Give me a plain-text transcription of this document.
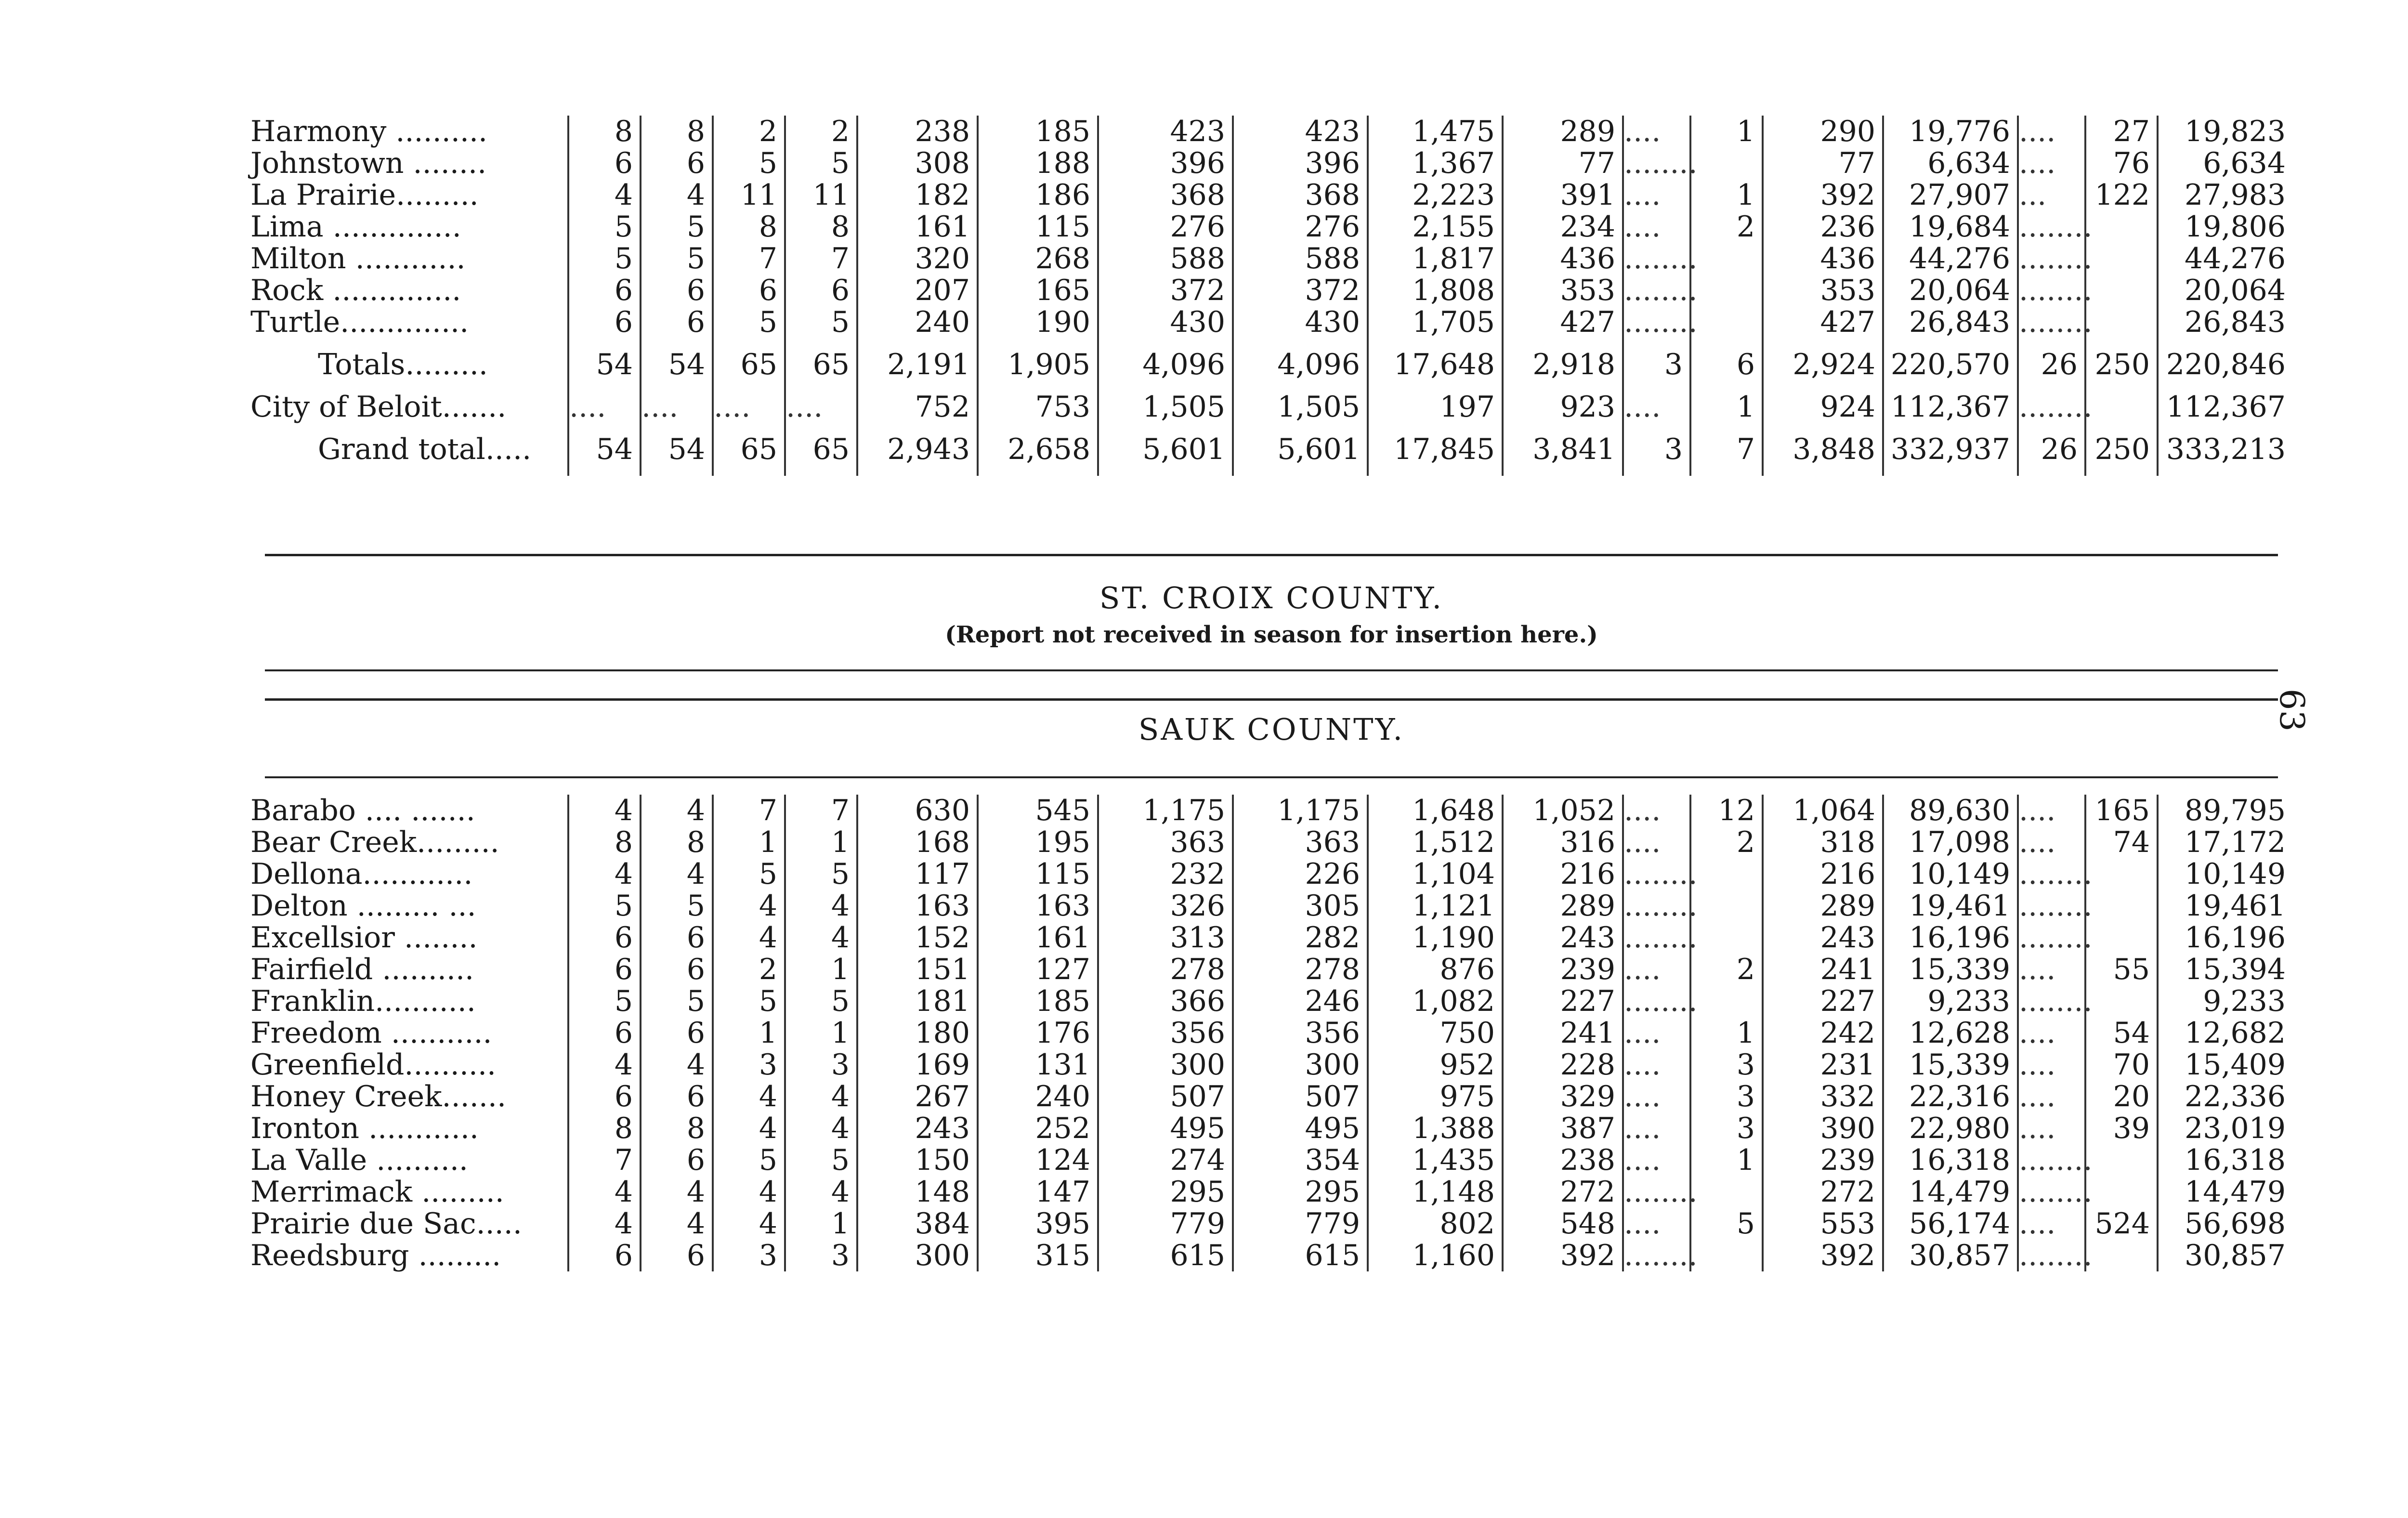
Harmony ..........	8	8	2	2	238	185	423	423	1,475	289	....	1	290	19,776	....	27	19,823
Johnstown ........	6	6	5	5	308	188	396	396	1,367	77	........		77	6,634	....	76	6,634
La Prairie.........	4	4	11	11	182	186	368	368	2,223	391	....	1	392	27,907	...	122	27,983
Lima ..............	5	5	8	8	161	115	276	276	2,155	234	....	2	236	19,684	........		19,806
Milton ............	5	5	7	7	320	268	588	588	1,817	436	........		436	44,276	........		44,276
Rock ..............	6	6	6	6	207	165	372	372	1,808	353	........		353	20,064	........		20,064
Turtle..............	6	6	5	5	240	190	430	430	1,705	427	........		427	26,843	........		26,843
Totals.........	54	54	65	65	2,191	1,905	4,096	4,096	17,648	2,918	3	6	2,924	220,570	26	250	220,846
City of Beloit.......	....	....	....	....	752	753	1,505	1,505	197	923	....	1	924	112,367	........		112,367
Grand total.....	54	54	65	65	2,943	2,658	5,601	5,601	17,845	3,841	3	7	3,848	332,937	26	250	333,213
ST. CROIX COUNTY.
(Report not received in season for insertion here.)
SAUK COUNTY.
Barabo .... .......	4	4	7	7	630	545	1,175	1,175	1,648	1,052	....	12	1,064	89,630	....	165	89,795
Bear Creek.........	8	8	1	1	168	195	363	363	1,512	316	....	2	318	17,098	....	74	17,172
Dellona............	4	4	5	5	117	115	232	226	1,104	216	........		216	10,149	........		10,149
Delton ......... ...	5	5	4	4	163	163	326	305	1,121	289	........		289	19,461	........		19,461
Excellsior ........	6	6	4	4	152	161	313	282	1,190	243	........		243	16,196	........		16,196
Fairfield ..........	6	6	2	1	151	127	278	278	876	239	....	2	241	15,339	....	55	15,394
Franklin...........	5	5	5	5	181	185	366	246	1,082	227	........		227	9,233	........		9,233
Freedom ...........	6	6	1	1	180	176	356	356	750	241	....	1	242	12,628	....	54	12,682
Greenfield..........	4	4	3	3	169	131	300	300	952	228	....	3	231	15,339	....	70	15,409
Honey Creek.......	6	6	4	4	267	240	507	507	975	329	....	3	332	22,316	....	20	22,336
Ironton ............	8	8	4	4	243	252	495	495	1,388	387	....	3	390	22,980	....	39	23,019
La Valle ..........	7	6	5	5	150	124	274	354	1,435	238	....	1	239	16,318	........		16,318
Merrimack .........	4	4	4	4	148	147	295	295	1,148	272	........		272	14,479	........		14,479
Prairie due Sac.....	4	4	4	1	384	395	779	779	802	548	....	5	553	56,174	....	524	56,698
Reedsburg .........	6	6	3	3	300	315	615	615	1,160	392	........		392	30,857	........		30,857
63
